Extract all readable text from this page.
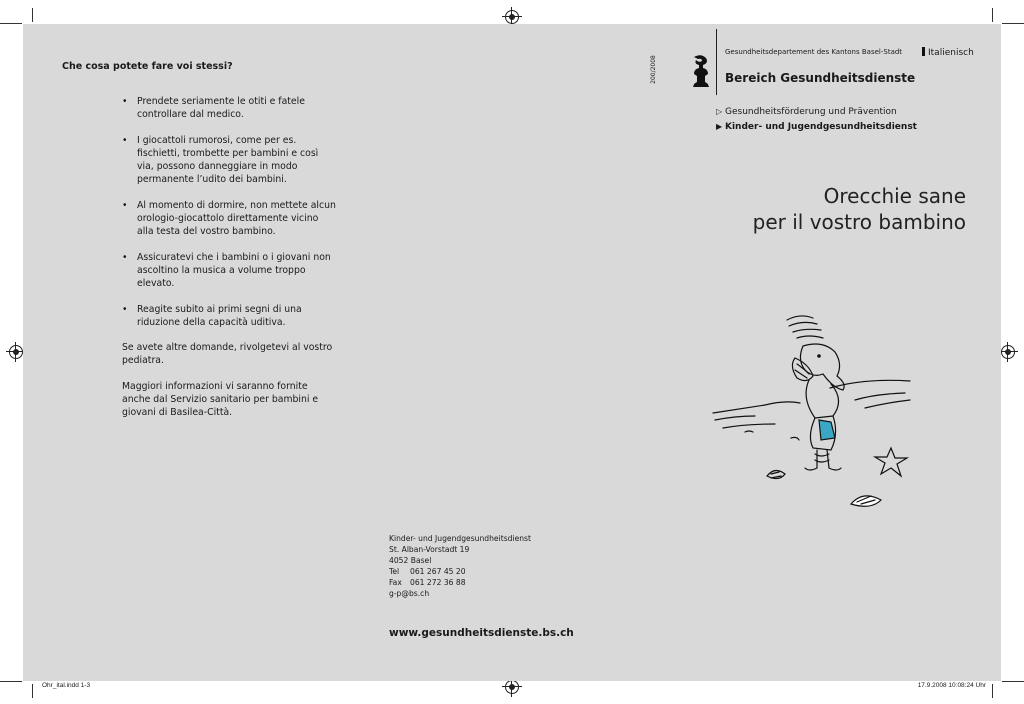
Che cosa potete fare voi stessi?
• Prendete seriamente le otiti e fatele controllare dal medico.
• I giocattoli rumorosi, come per es. fischietti, trombette per bambini e così via, possono danneggiare in modo permanente l’udito dei bambini.
• Al momento di dormire, non mettete alcun orologio-giocattolo direttamente vicino alla testa del vostro bambino.
• Assicuratevi che i bambini o i giovani non ascoltino la musica a volume troppo elevato.
• Reagite subito ai primi segni di una riduzione della capacità uditiva.

Se avete altre domande, rivolgetevi al vostro pediatra.

Maggiori informazioni vi saranno fornite anche dal Servizio sanitario per bambini e giovani di Basilea-Città.

200/2008
Gesundheitsdepartement des Kantons Basel-Stadt	Italienisch
Bereich Gesundheitsdienste
▷ Gesundheitsförderung und Prävention
▶ Kinder- und Jugendgesundheitsdienst
Orecchie sane
per il vostro bambino
Kinder- und Jugendgesundheitsdienst
St. Alban-Vorstadt 19
4052 Basel
Tel 061 267 45 20
Fax 061 272 36 88
g-p@bs.ch
www.gesundheitsdienste.bs.ch
Ohr_ital.indd 1-3	17.9.2008 10:08:24 Uhr
